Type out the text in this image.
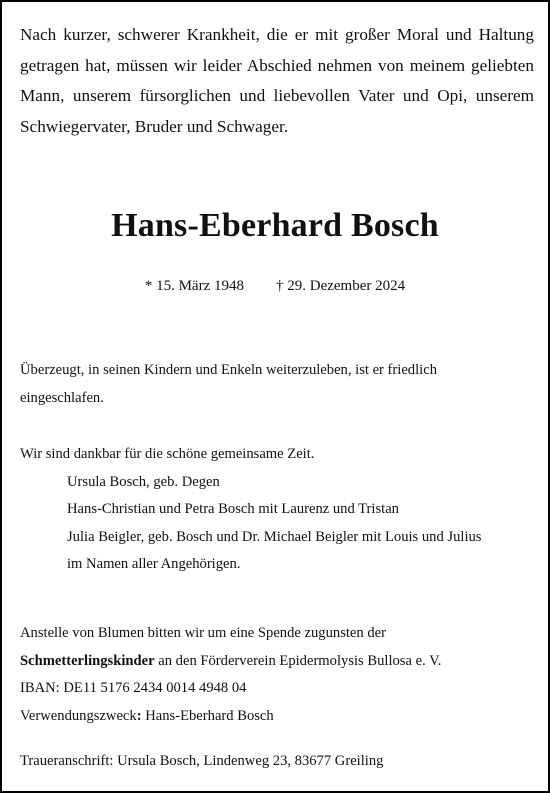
Nach kurzer, schwerer Krankheit, die er mit großer Moral und Haltung getragen hat, müssen wir leider Abschied nehmen von meinem geliebten Mann, unserem fürsorglichen und liebevollen Vater und Opi, unserem Schwiegervater, Bruder und Schwager.
Hans-Eberhard Bosch
* 15. März 1948 † 29. Dezember 2024
Überzeugt, in seinen Kindern und Enkeln weiterzuleben, ist er friedlich
eingeschlafen.
Wir sind dankbar für die schöne gemeinsame Zeit.
Ursula Bosch, geb. Degen
Hans-Christian und Petra Bosch mit Laurenz und Tristan
Julia Beigler, geb. Bosch und Dr. Michael Beigler mit Louis und Julius
im Namen aller Angehörigen.
Anstelle von Blumen bitten wir um eine Spende zugunsten der
Schmetterlingskinder an den Förderverein Epidermolysis Bullosa e. V.
IBAN: DE11 5176 2434 0014 4948 04
Verwendungszweck: Hans-Eberhard Bosch
Traueranschrift: Ursula Bosch, Lindenweg 23, 83677 Greiling
